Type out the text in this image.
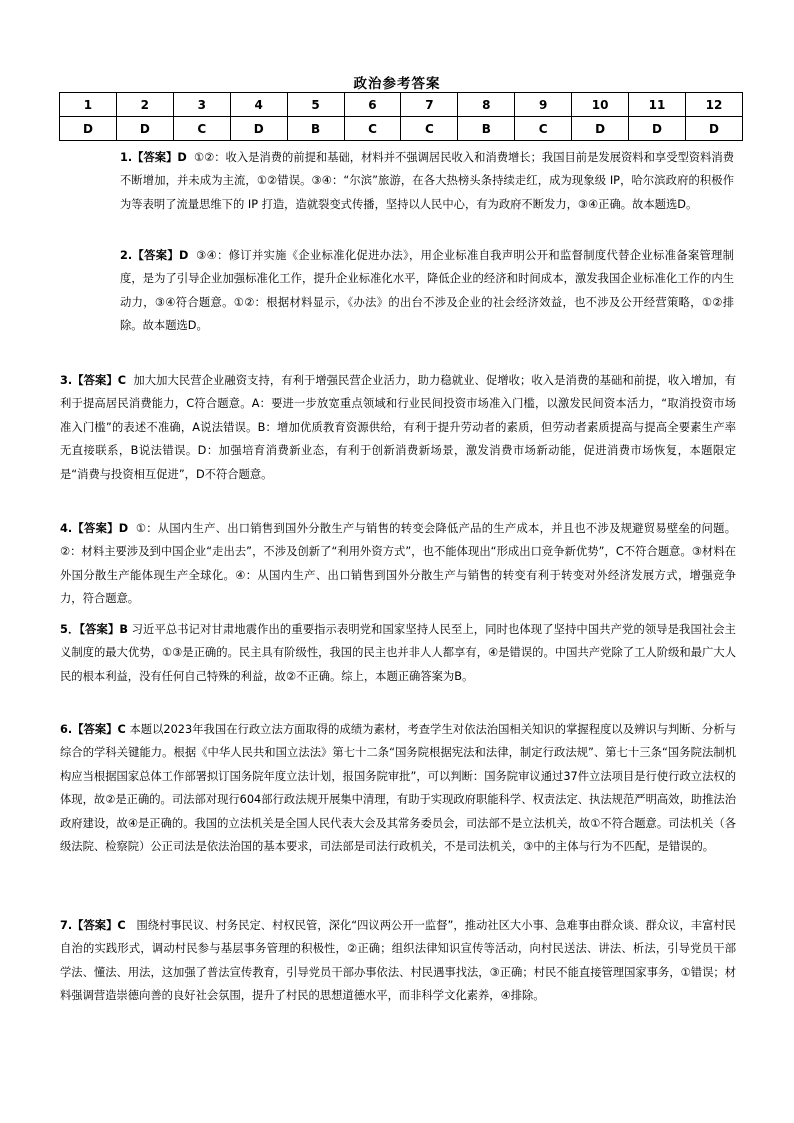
政治参考答案
1	2	3	4	5	6	7	8	9	10	11	12
D	D	C	D	B	C	C	B	C	D	D	D

1.【答案】D ①②：收入是消费的前提和基础，材料并不强调居民收入和消费增长；我国目前是发展资料和享受型资料消费不断增加，并未成为主流，①②错误。③④：“尔滨”旅游，在各大热榜头条持续走红，成为现象级 IP，哈尔滨政府的积极作为等表明了流量思维下的 IP 打造，造就裂变式传播，坚持以人民中心，有为政府不断发力，③④正确。故本题选D。

2.【答案】D ③④：修订并实施《企业标准化促进办法》，用企业标准自我声明公开和监督制度代替企业标准备案管理制度，是为了引导企业加强标准化工作，提升企业标准化水平，降低企业的经济和时间成本，激发我国企业标准化工作的内生动力，③④符合题意。①②：根据材料显示，《办法》的出台不涉及企业的社会经济效益，也不涉及公开经营策略，①②排除。故本题选D。

3.【答案】C 加大加大民营企业融资支持，有利于增强民营企业活力，助力稳就业、促增收；收入是消费的基础和前提，收入增加，有利于提高居民消费能力，C符合题意。A：要进一步放宽重点领域和行业民间投资市场准入门槛，以激发民间资本活力，“取消投资市场准入门槛”的表述不准确，A说法错误。B：增加优质教育资源供给，有利于提升劳动者的素质，但劳动者素质提高与提高全要素生产率无直接联系，B说法错误。D：加强培育消费新业态，有利于创新消费新场景，激发消费市场新动能，促进消费市场恢复，本题限定是“消费与投资相互促进”，D不符合题意。

4.【答案】D ①：从国内生产、出口销售到国外分散生产与销售的转变会降低产品的生产成本，并且也不涉及规避贸易壁垒的问题。②：材料主要涉及到中国企业“走出去”，不涉及创新了“利用外资方式”，也不能体现出“形成出口竞争新优势”，C不符合题意。③材料在外国分散生产能体现生产全球化。④：从国内生产、出口销售到国外分散生产与销售的转变有利于转变对外经济发展方式，增强竞争力，符合题意。

5．【答案】B 习近平总书记对甘肃地震作出的重要指示表明党和国家坚持人民至上，同时也体现了坚持中国共产党的领导是我国社会主义制度的最大优势，①③是正确的。民主具有阶级性，我国的民主也并非人人都享有，④是错误的。中国共产党除了工人阶级和最广大人民的根本利益，没有任何自己特殊的利益，故②不正确。综上，本题正确答案为B。

6.【答案】C 本题以2023年我国在行政立法方面取得的成绩为素材，考查学生对依法治国相关知识的掌握程度以及辨识与判断、分析与综合的学科关键能力。根据《中华人民共和国立法法》第七十二条“国务院根据宪法和法律，制定行政法规”、第七十三条“国务院法制机构应当根据国家总体工作部署拟订国务院年度立法计划，报国务院审批”，可以判断：国务院审议通过37件立法项目是行使行政立法权的体现，故②是正确的。司法部对现行604部行政法规开展集中清理，有助于实现政府职能科学、权责法定、执法规范严明高效，助推法治政府建设，故④是正确的。我国的立法机关是全国人民代表大会及其常务委员会，司法部不是立法机关，故①不符合题意。司法机关（各级法院、检察院）公正司法是依法治国的基本要求，司法部是司法行政机关，不是司法机关，③中的主体与行为不匹配，是错误的。

7.【答案】C 围绕村事民议、村务民定、村权民管，深化“四议两公开一监督”，推动社区大小事、急难事由群众谈、群众议，丰富村民自治的实践形式，调动村民参与基层事务管理的积极性，②正确；组织法律知识宣传等活动，向村民送法、讲法、析法，引导党员干部学法、懂法、用法，这加强了普法宣传教育，引导党员干部办事依法、村民遇事找法，③正确；村民不能直接管理国家事务，①错误；材料强调营造崇德向善的良好社会氛围，提升了村民的思想道德水平，而非科学文化素养，④排除。
